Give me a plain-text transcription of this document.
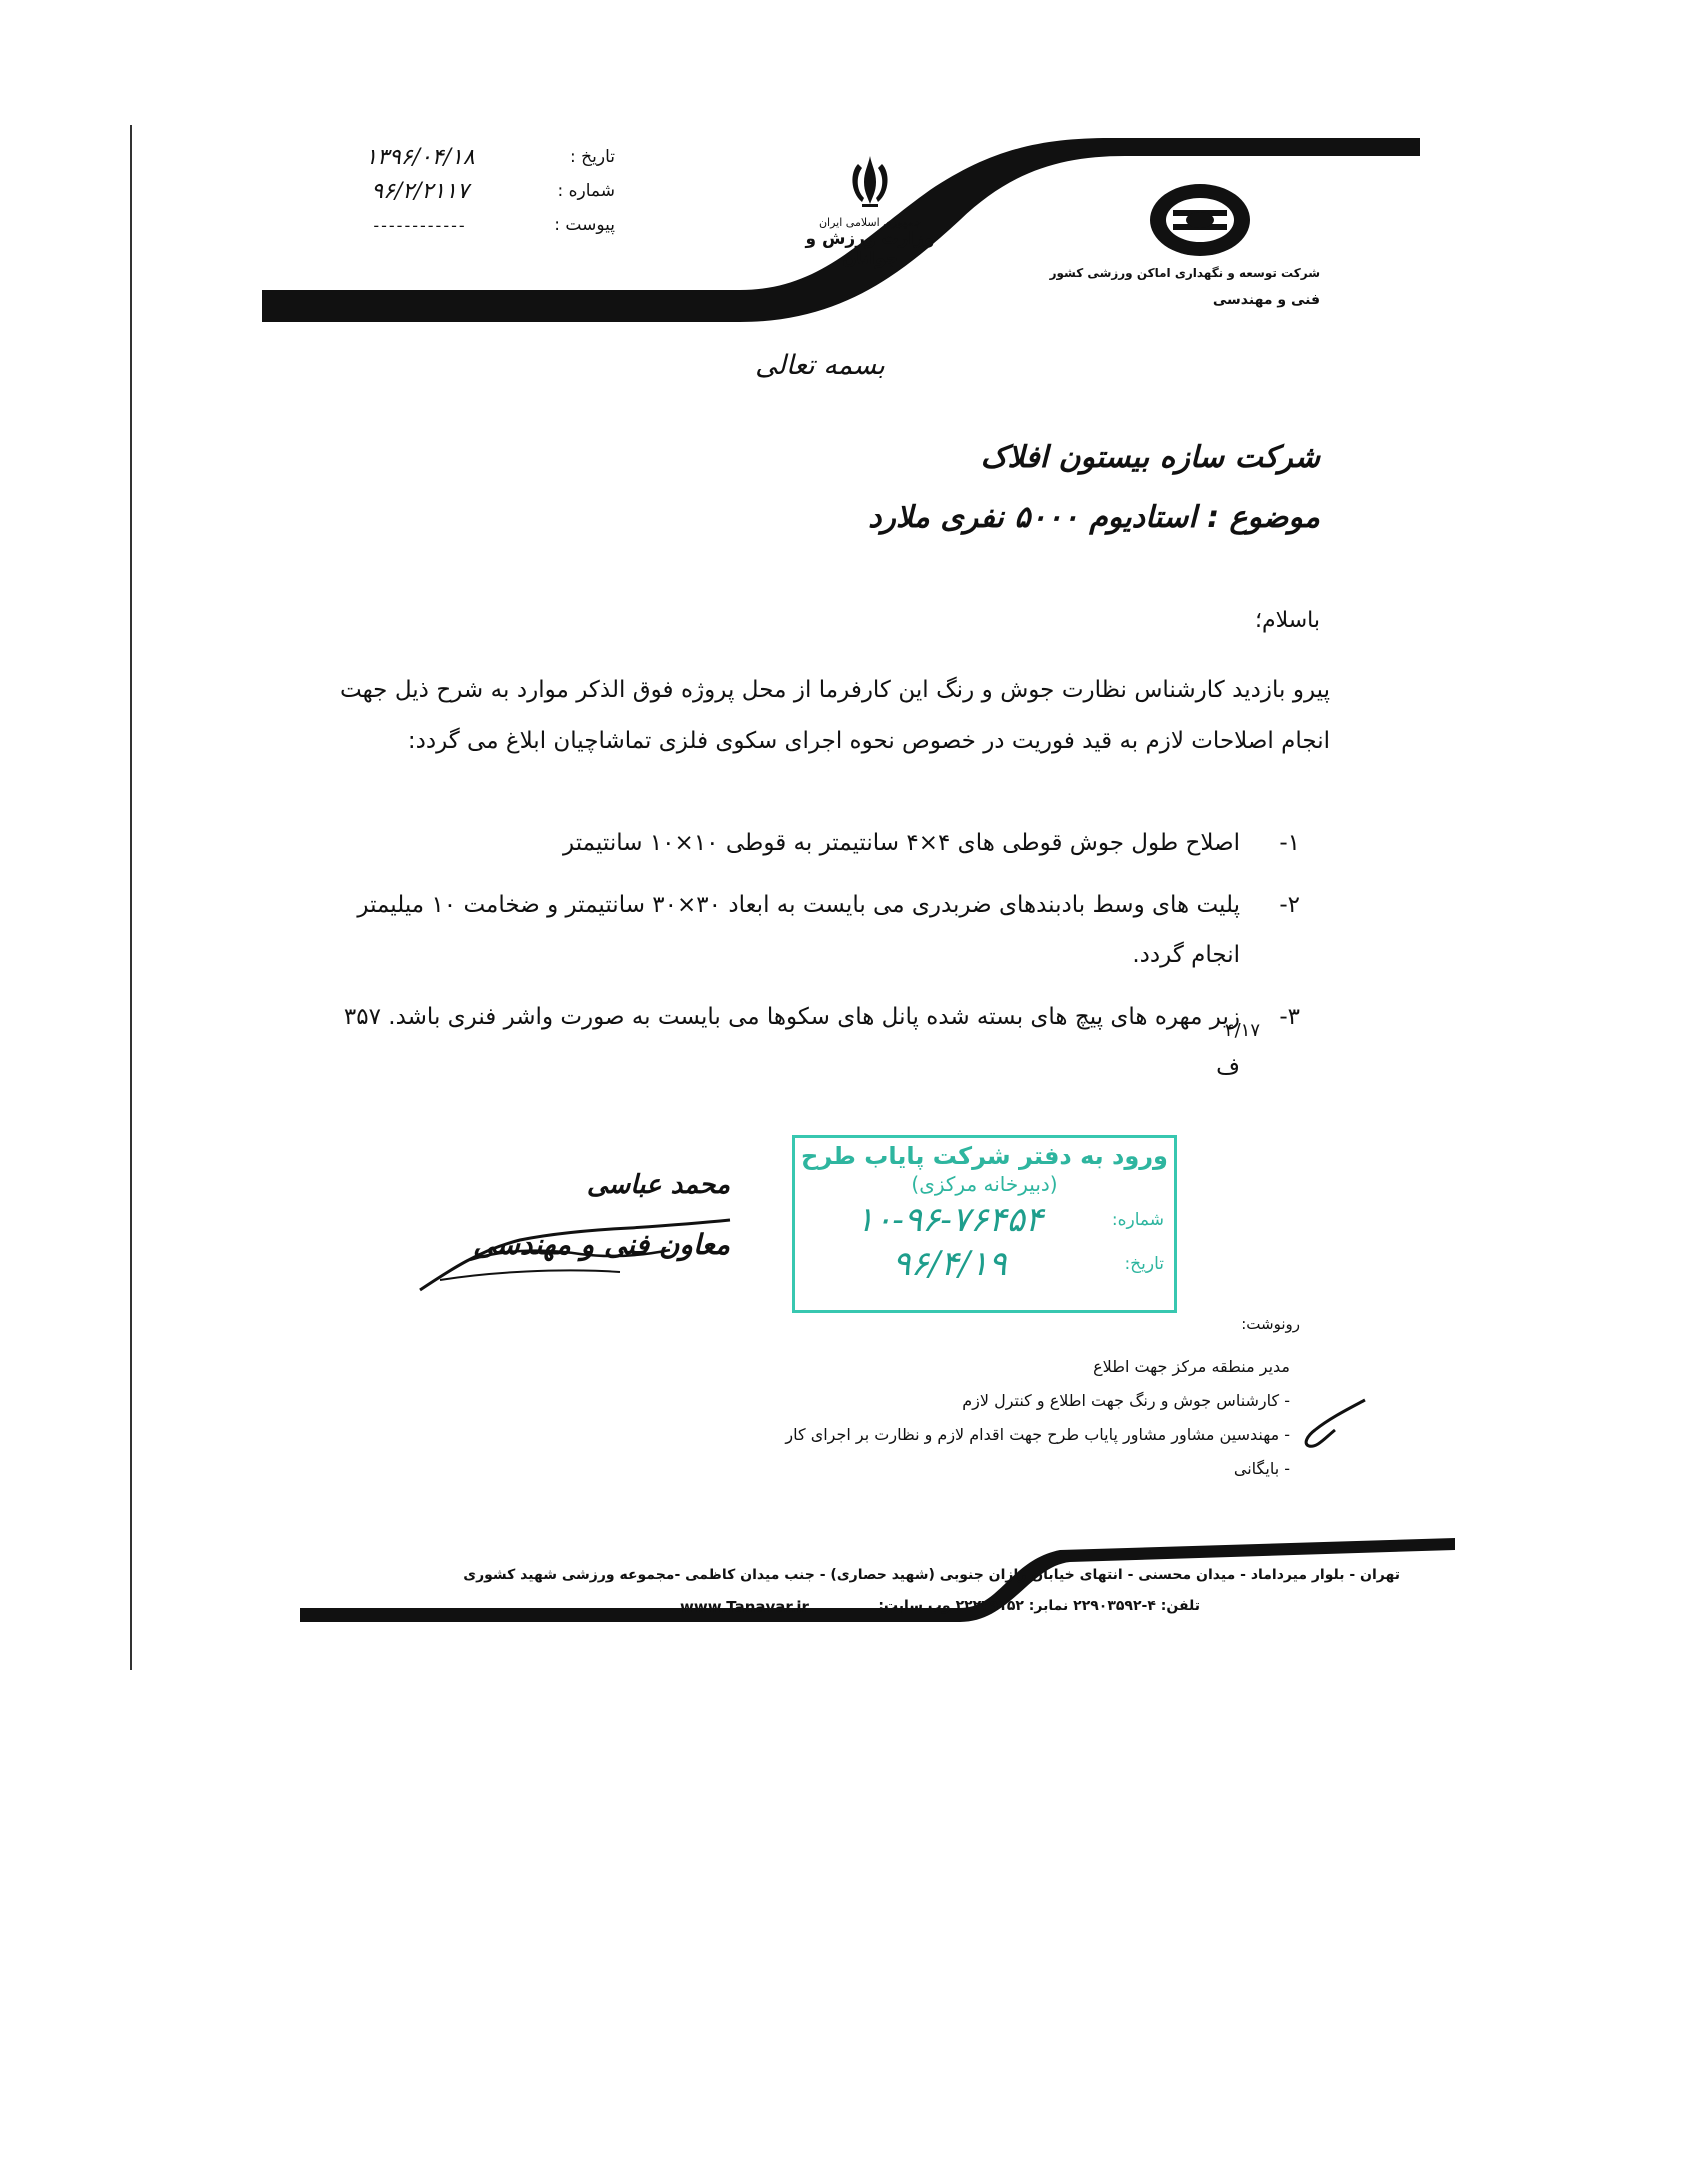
تاریخ :
۱۳۹۶/۰۴/۱۸
شماره :
۹۶/۲/۲۱۱۷
پیوست :
------------	جمهوری اسلامی ایران
وزارت ورزش و جوانان
شرکت توسعه و نگهداری اماکن ورزشی کشور
فنی و مهندسی
بسمه تعالی
شرکت سازه بیستون افلاک
موضوع : استادیوم ۵۰۰۰ نفری ملارد
باسلام؛
پیرو بازدید کارشناس نظارت جوش و رنگ این کارفرما از محل پروژه فوق الذکر موارد به شرح ذیل جهت انجام اصلاحات لازم به قید فوریت در خصوص نحوه اجرای سکوی فلزی تماشاچیان ابلاغ می گردد:
۱-
اصلاح طول جوش قوطی های ۴×۴ سانتیمتر به قوطی ۱۰×۱۰ سانتیمتر
۲-
پلیت های وسط بادبندهای ضربدری می بایست به ابعاد ۳۰×۳۰ سانتیمتر و ضخامت ۱۰ میلیمتر انجام گردد.
۳-
زیر مهره های پیچ های بسته شده پانل های سکوها می بایست به صورت واشر فنری باشد. ۳۵۷ ف
۴/۱۷
ورود به دفتر شرکت پایاب طرح
(دبیرخانه مرکزی)
شماره:
۱۰-۹۶-۷۶۴۵۴
تاریخ:
۹۶/۴/۱۹
محمد عباسی
معاون فنی و مهندسی
رونوشت:
مدیر منطقه مرکز جهت اطلاع
- کارشناس جوش و رنگ جهت اطلاع و کنترل لازم
- مهندسین مشاور مشاور پایاب طرح جهت اقدام لازم و نظارت بر اجرای کار
- بایگانی
تهران - بلوار میرداماد - میدان محسنی - انتهای خیابان رازان جنوبی (شهید حصاری) - جنب میدان کاظمی -مجموعه ورزشی شهید کشوری
تلفن: ۴-۲۲۹۰۳۵۹۲ نمابر: ۲۲۲۲۹۱۵۲ وب سایت:
www.Tanavar.ir
